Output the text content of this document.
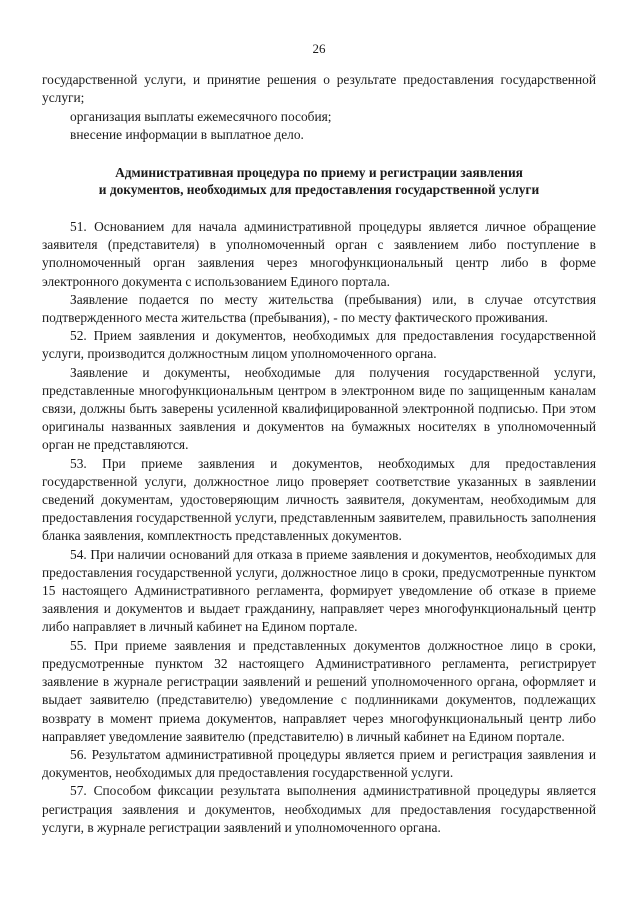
26

государственной услуги, и принятие решения о результате предоставления государственной услуги;

организация выплаты ежемесячного пособия;

внесение информации в выплатное дело.

Административная процедура по приему и регистрации заявления
и документов, необходимых для предоставления государственной услуги

51. Основанием для начала административной процедуры является личное обращение заявителя (представителя) в уполномоченный орган с заявлением либо поступление в уполномоченный орган заявления через многофункциональный центр либо в форме электронного документа с использованием Единого портала.

Заявление подается по месту жительства (пребывания) или, в случае отсутствия подтвержденного места жительства (пребывания), - по месту фактического проживания.

52. Прием заявления и документов, необходимых для предоставления государственной услуги, производится должностным лицом уполномоченного органа.

Заявление и документы, необходимые для получения государственной услуги, представленные многофункциональным центром в электронном виде по защищенным каналам связи, должны быть заверены усиленной квалифицированной электронной подписью. При этом оригиналы названных заявления и документов на бумажных носителях в уполномоченный орган не представляются.

53. При приеме заявления и документов, необходимых для предоставления государственной услуги, должностное лицо проверяет соответствие указанных в заявлении сведений документам, удостоверяющим личность заявителя, документам, необходимым для предоставления государственной услуги, представленным заявителем, правильность заполнения бланка заявления, комплектность представленных документов.

54. При наличии оснований для отказа в приеме заявления и документов, необходимых для предоставления государственной услуги, должностное лицо в сроки, предусмотренные пунктом 15 настоящего Административного регламента, формирует уведомление об отказе в приеме заявления и документов и выдает гражданину, направляет через многофункциональный центр либо направляет в личный кабинет на Едином портале.

55. При приеме заявления и представленных документов должностное лицо в сроки, предусмотренные пунктом 32 настоящего Административного регламента, регистрирует заявление в журнале регистрации заявлений и решений уполномоченного органа, оформляет и выдает заявителю (представителю) уведомление с подлинниками документов, подлежащих возврату в момент приема документов, направляет через многофункциональный центр либо направляет уведомление заявителю (представителю) в личный кабинет на Едином портале.

56. Результатом административной процедуры является прием и регистрация заявления и документов, необходимых для предоставления государственной услуги.

57. Способом фиксации результата выполнения административной процедуры является регистрация заявления и документов, необходимых для предоставления государственной услуги, в журнале регистрации заявлений и уполномоченного органа.
